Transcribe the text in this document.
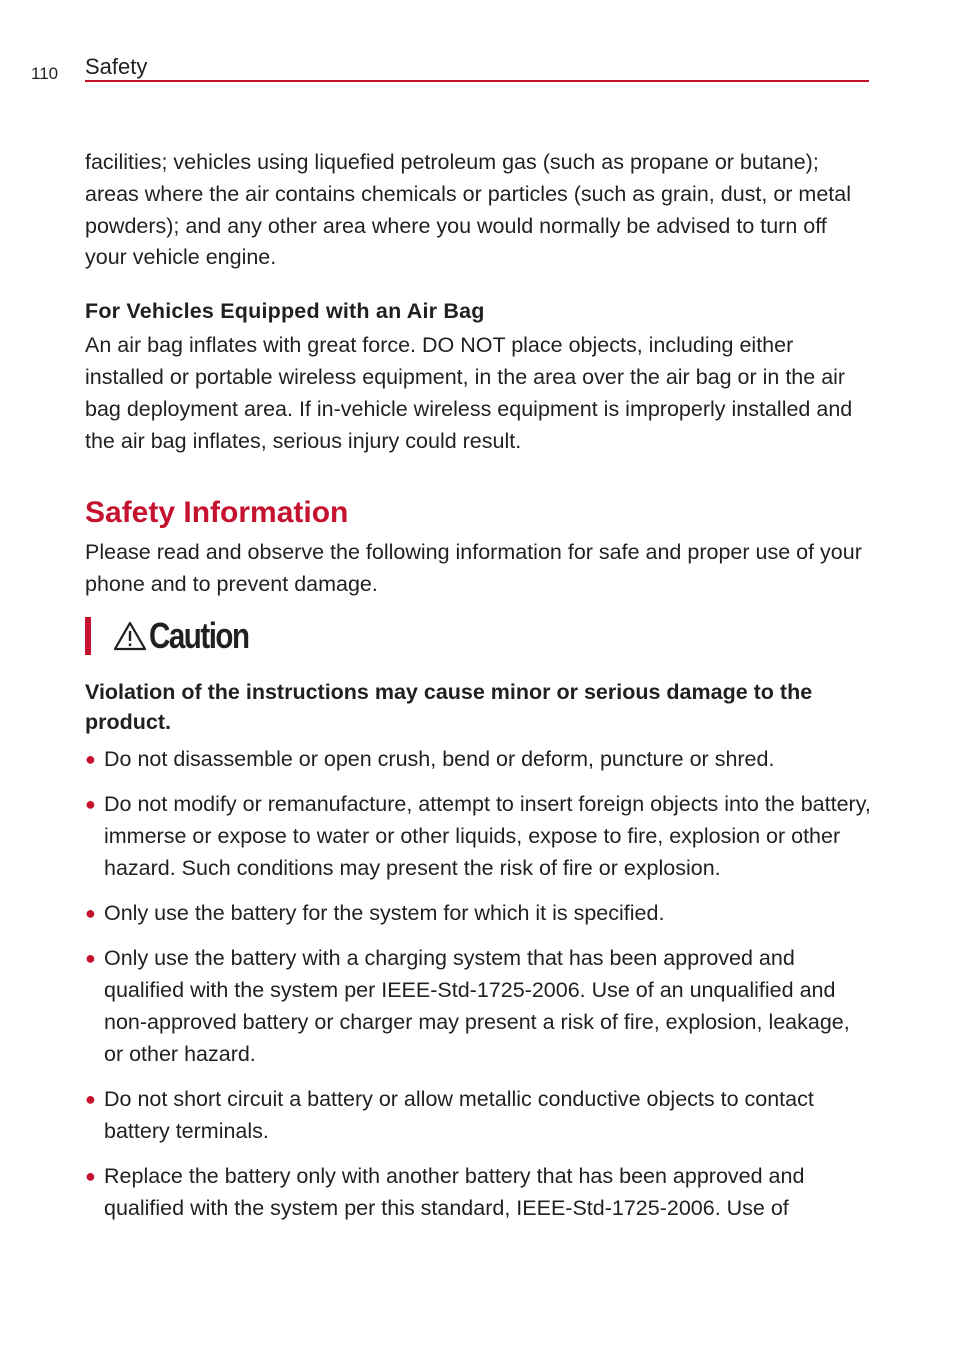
110 Safety

facilities; vehicles using liquefied petroleum gas (such as propane or butane); areas where the air contains chemicals or particles (such as grain, dust, or metal powders); and any other area where you would normally be advised to turn off your vehicle engine.

For Vehicles Equipped with an Air Bag

An air bag inflates with great force. DO NOT place objects, including either installed or portable wireless equipment, in the area over the air bag or in the air bag deployment area. If in-vehicle wireless equipment is improperly installed and the air bag inflates, serious injury could result.

Safety Information

Please read and observe the following information for safe and proper use of your phone and to prevent damage.

Caution
Violation of the instructions may cause minor or serious damage to the product.
● Do not disassemble or open crush, bend or deform, puncture or shred.
● Do not modify or remanufacture, attempt to insert foreign objects into the battery, immerse or expose to water or other liquids, expose to fire, explosion or other hazard. Such conditions may present the risk of fire or explosion.
● Only use the battery for the system for which it is specified.
● Only use the battery with a charging system that has been approved and qualified with the system per IEEE-Std-1725-2006. Use of an unqualified and non-approved battery or charger may present a risk of fire, explosion, leakage, or other hazard.
● Do not short circuit a battery or allow metallic conductive objects to contact battery terminals.
● Replace the battery only with another battery that has been approved and qualified with the system per this standard, IEEE-Std-1725-2006. Use of
